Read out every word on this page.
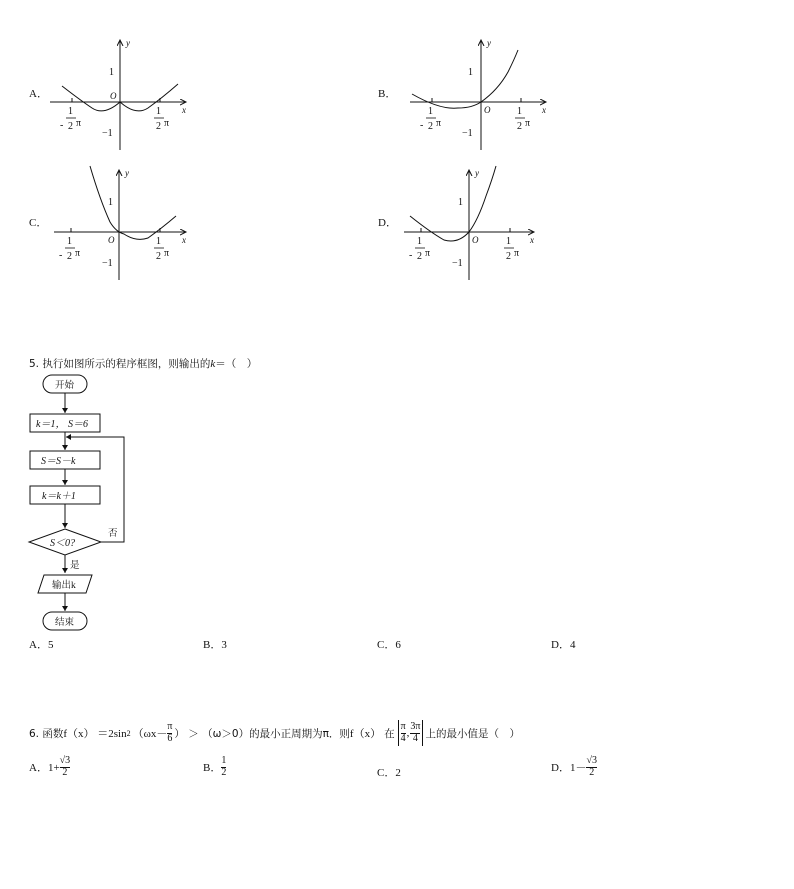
A．
y
x
O
1
−1
1
- 2 π
1
2 π
B．
y
x
O
1
−1
1
- 2 π
1
2 π
C．
y
x
O
1
−1
1
- 2 π
1
2 π
D．
y
x
O
1
−1
1
- 2 π
1
2 π
5. 执行如图所示的程序框图，则输出的k＝（　）
开始
k＝1， S＝6
S＝S－k
k＝k＋1
S＜0?
否
是
输出k
结束
A．5	B．3	C．6	D．4
6. 函数 f（x） ＝2sin 2 （$\omega x- \frac{\pi}{6}$ ） ＞ （ω＞0）的最小正周期为π．则 f（x） 在 $\frac{\pi}{4}$ , $\frac{3\pi}{4}$ 上的最小值是（　）
A．$1+ \frac{√3}{2}$	B． $\frac{1}{2}$	C．2	D．$1- \frac{√3}{2}$
